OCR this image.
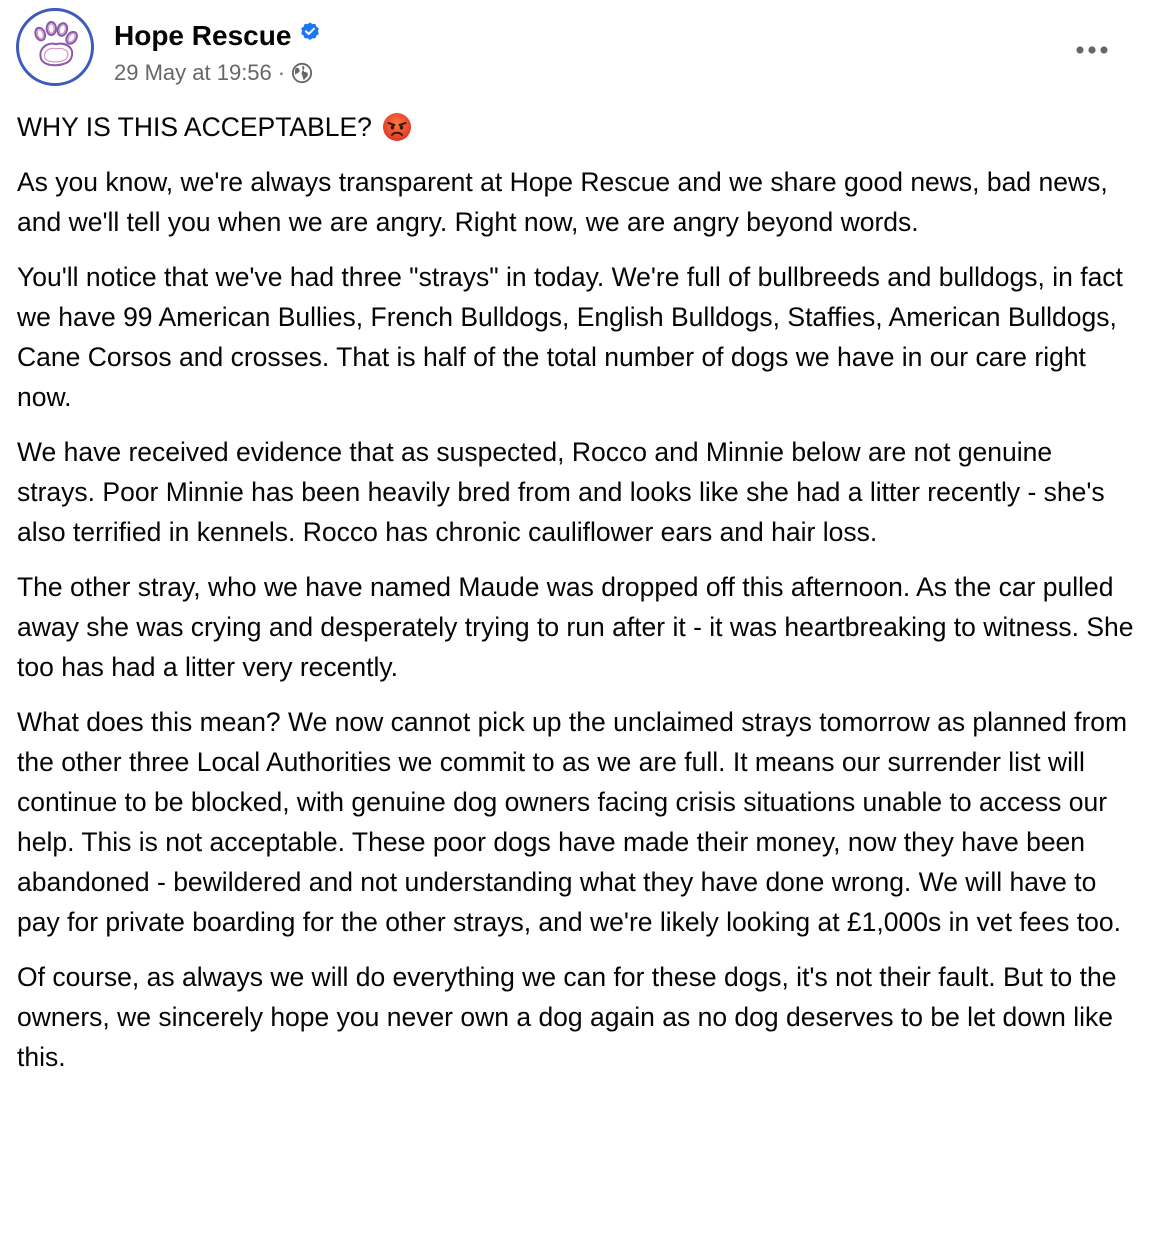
Hope Rescue
29 May at 19:56 ·

WHY IS THIS ACCEPTABLE?

As you know, we're always transparent at Hope Rescue and we share good news, bad news, and we'll tell you when we are angry. Right now, we are angry beyond words.

You'll notice that we've had three "strays" in today. We're full of bullbreeds and bulldogs, in fact we have 99 American Bullies, French Bulldogs, English Bulldogs, Staffies, American Bulldogs, Cane Corsos and crosses. That is half of the total number of dogs we have in our care right now.

We have received evidence that as suspected, Rocco and Minnie below are not genuine strays. Poor Minnie has been heavily bred from and looks like she had a litter recently - she's also terrified in kennels. Rocco has chronic cauliflower ears and hair loss.

The other stray, who we have named Maude was dropped off this afternoon. As the car pulled away she was crying and desperately trying to run after it - it was heartbreaking to witness. She too has had a litter very recently.

What does this mean? We now cannot pick up the unclaimed strays tomorrow as planned from the other three Local Authorities we commit to as we are full. It means our surrender list will continue to be blocked, with genuine dog owners facing crisis situations unable to access our help. This is not acceptable. These poor dogs have made their money, now they have been abandoned - bewildered and not understanding what they have done wrong. We will have to pay for private boarding for the other strays, and we're likely looking at £1,000s in vet fees too.

Of course, as always we will do everything we can for these dogs, it's not their fault. But to the owners, we sincerely hope you never own a dog again as no dog deserves to be let down like this.
